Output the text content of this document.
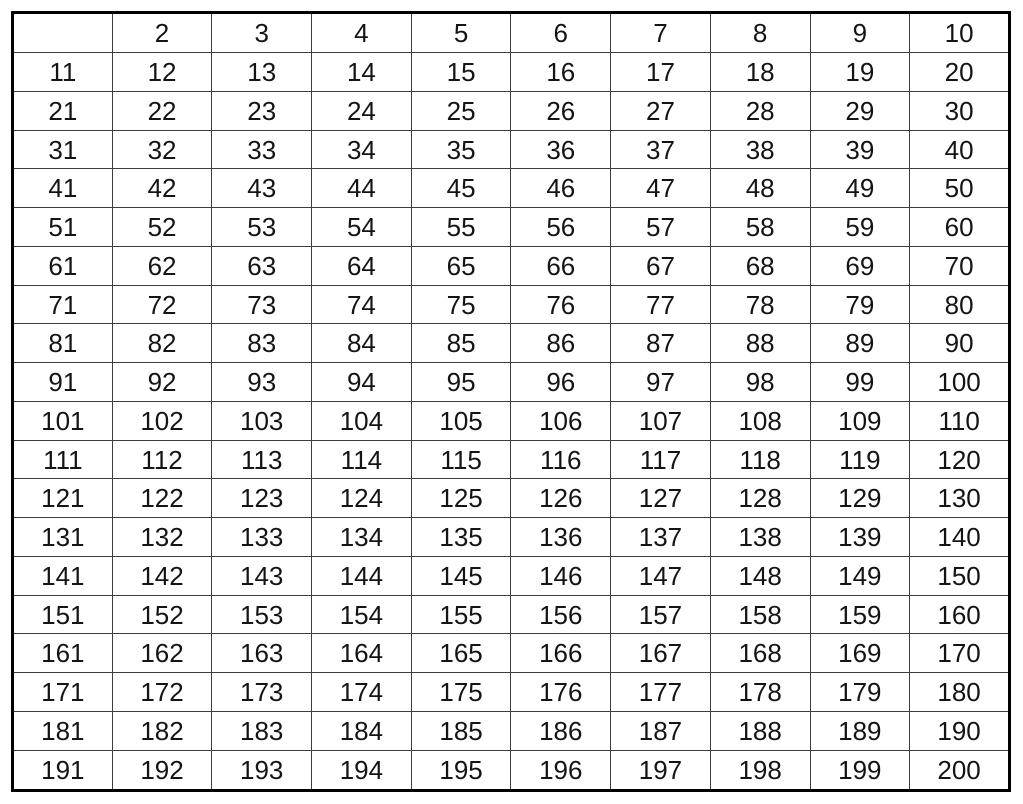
	2	3	4	5	6	7	8	9	10
11	12	13	14	15	16	17	18	19	20
21	22	23	24	25	26	27	28	29	30
31	32	33	34	35	36	37	38	39	40
41	42	43	44	45	46	47	48	49	50
51	52	53	54	55	56	57	58	59	60
61	62	63	64	65	66	67	68	69	70
71	72	73	74	75	76	77	78	79	80
81	82	83	84	85	86	87	88	89	90
91	92	93	94	95	96	97	98	99	100
101	102	103	104	105	106	107	108	109	110
111	112	113	114	115	116	117	118	119	120
121	122	123	124	125	126	127	128	129	130
131	132	133	134	135	136	137	138	139	140
141	142	143	144	145	146	147	148	149	150
151	152	153	154	155	156	157	158	159	160
161	162	163	164	165	166	167	168	169	170
171	172	173	174	175	176	177	178	179	180
181	182	183	184	185	186	187	188	189	190
191	192	193	194	195	196	197	198	199	200
